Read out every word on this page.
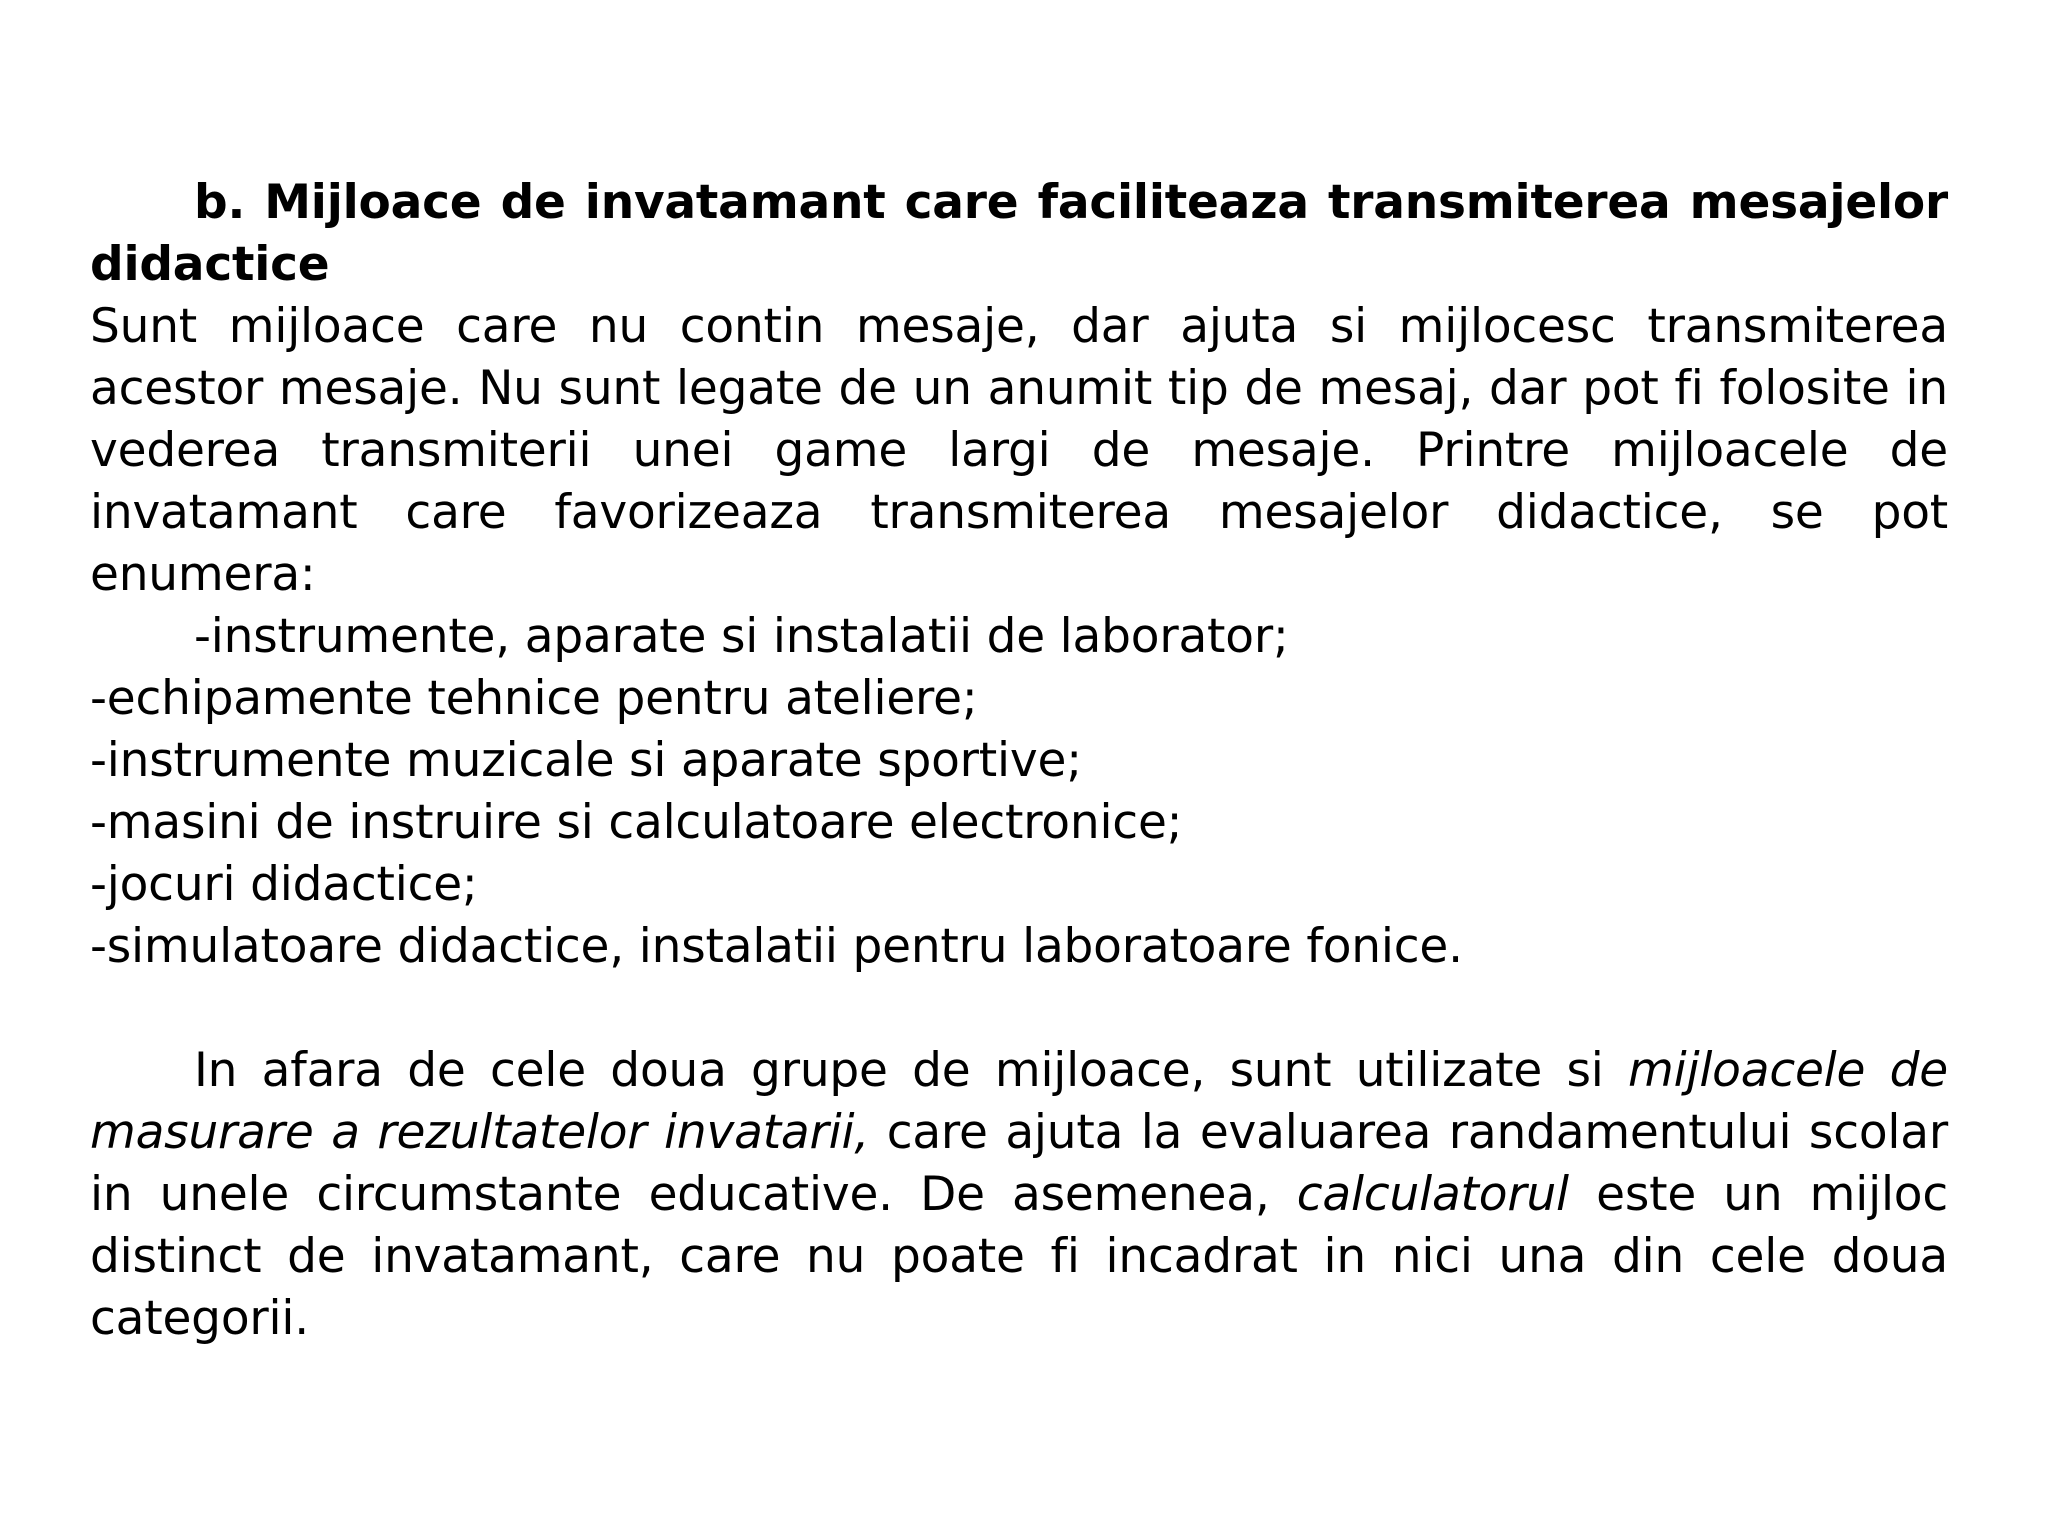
b. Mijloace de invatamant care faciliteaza transmiterea mesajelor didactice

Sunt mijloace care nu contin mesaje, dar ajuta si mijlocesc transmiterea acestor mesaje. Nu sunt legate de un anumit tip de mesaj, dar pot fi folosite in vederea transmiterii unei game largi de mesaje. Printre mijloacele de invatamant care favorizeaza transmiterea mesajelor didactice, se pot enumera:

-instrumente, aparate si instalatii de laborator;
-echipamente tehnice pentru ateliere;
-instrumente muzicale si aparate sportive;
-masini de instruire si calculatoare electronice;
-jocuri didactice;
-simulatoare didactice, instalatii pentru laboratoare fonice.

In afara de cele doua grupe de mijloace, sunt utilizate si mijloacele de masurare a rezultatelor invatarii, care ajuta la evaluarea randamentului scolar in unele circumstante educative. De asemenea, calculatorul este un mijloc distinct de invatamant, care nu poate fi incadrat in nici una din cele doua categorii.
